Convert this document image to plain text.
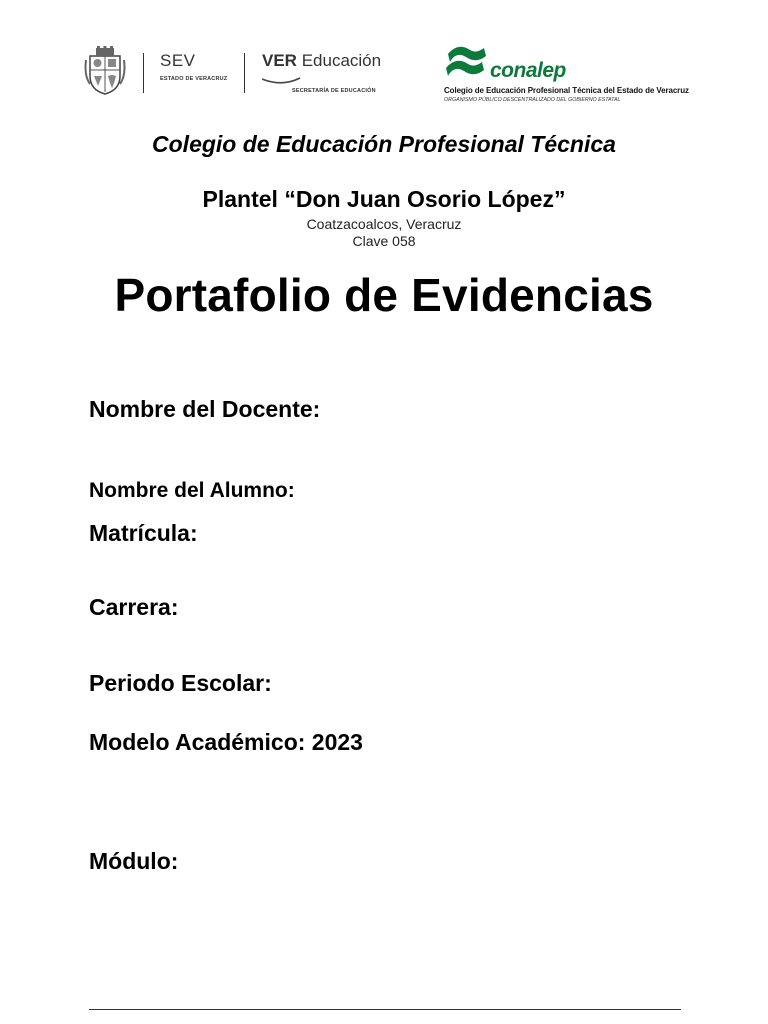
SEV
ESTADO DE VERACRUZ
VER Educación
SECRETARÍA DE EDUCACIÓN
conalep
Colegio de Educación Profesional Técnica del Estado de Veracruz
ORGANISMO PÚBLICO DESCENTRALIZADO DEL GOBIERNO ESTATAL
Colegio de Educación Profesional Técnica
Plantel “Don Juan Osorio López”
Coatzacoalcos, Veracruz
Clave 058
Portafolio de Evidencias
Nombre del Docente:
Nombre del Alumno:
Matrícula:
Carrera:
Periodo Escolar:
Modelo Académico: 2023
Módulo:
